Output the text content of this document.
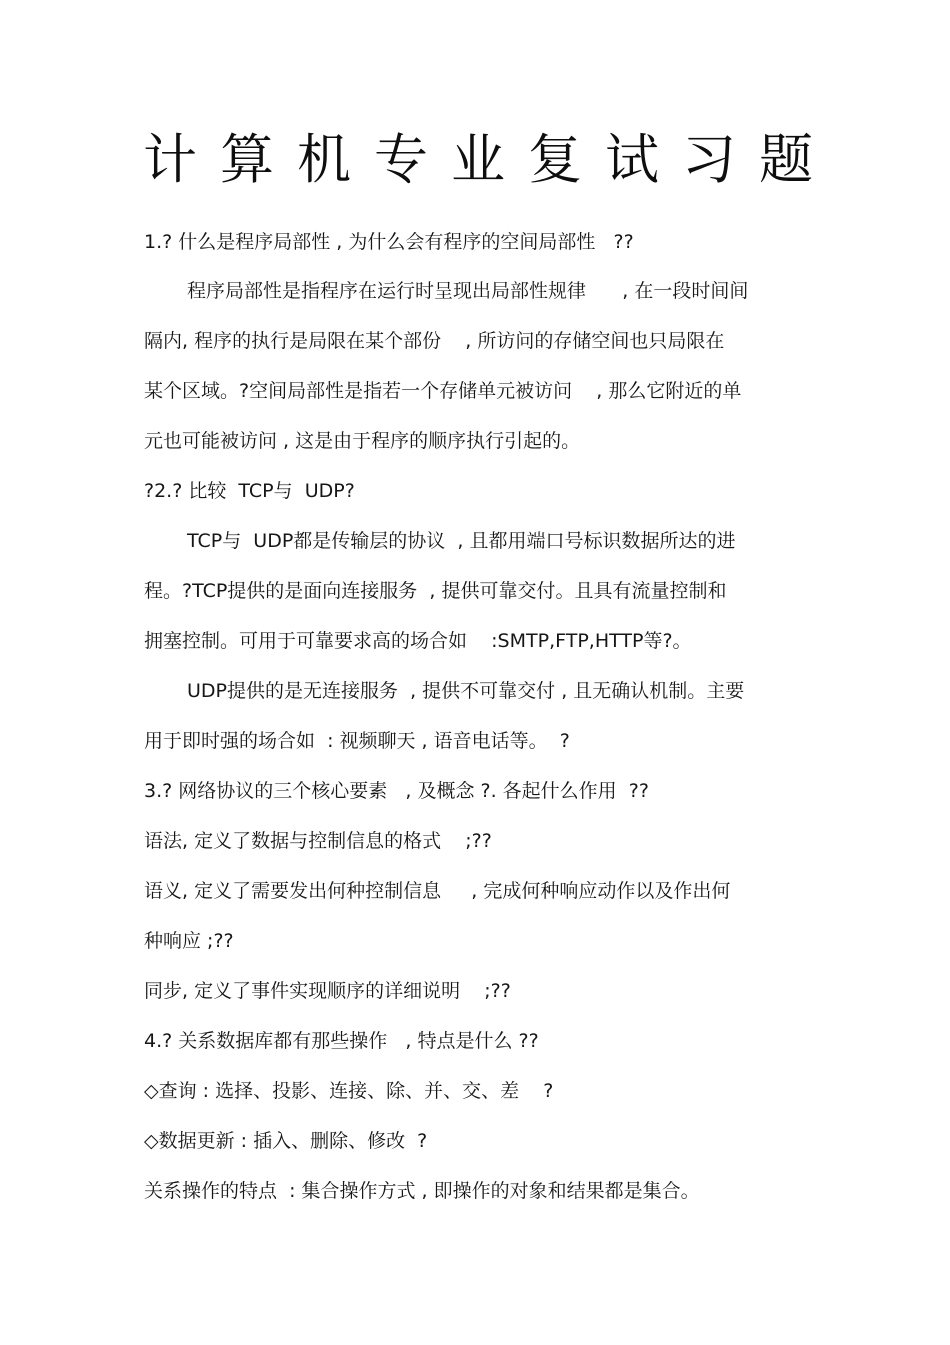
计 算 机 专 业 复 试 习 题
1.? 什么是程序局部性 , 为什么会有程序的空间局部性   ??
程序局部性是指程序在运行时呈现出局部性规律      , 在一段时间间
隔内, 程序的执行是局限在某个部份    , 所访问的存储空间也只局限在
某个区域。?空间局部性是指若一个存储单元被访问    , 那么它附近的单
元也可能被访问 , 这是由于程序的顺序执行引起的。
?2.? 比较  TCP与  UDP?
TCP与  UDP都是传输层的协议  , 且都用端口号标识数据所达的进
程。?TCP提供的是面向连接服务  , 提供可靠交付。且具有流量控制和
拥塞控制。可用于可靠要求高的场合如    :SMTP,FTP,HTTP等?。
UDP提供的是无连接服务  , 提供不可靠交付 , 且无确认机制。主要
用于即时强的场合如  : 视频聊天 , 语音电话等。  ?
3.? 网络协议的三个核心要素   , 及概念 ?. 各起什么作用  ??
语法, 定义了数据与控制信息的格式    ;??
语义, 定义了需要发出何种控制信息     , 完成何种响应动作以及作出何
种响应 ;??
同步, 定义了事件实现顺序的详细说明    ;??
4.? 关系数据库都有那些操作   , 特点是什么 ??
◇查询 : 选择、投影、连接、除、并、交、差    ?
◇数据更新 : 插入、删除、修改  ?
关系操作的特点  : 集合操作方式 , 即操作的对象和结果都是集合。
